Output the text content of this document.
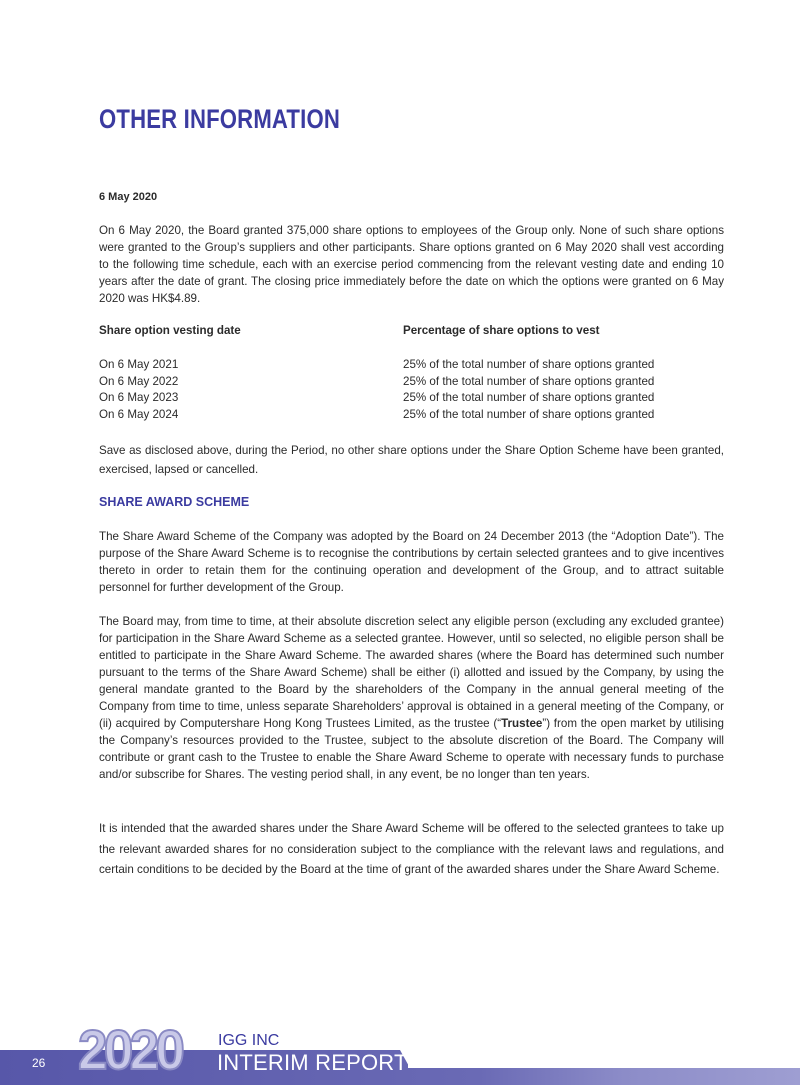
OTHER INFORMATION
6 May 2020

On 6 May 2020, the Board granted 375,000 share options to employees of the Group only. None of such share options were granted to the Group’s suppliers and other participants. Share options granted on 6 May 2020 shall vest according to the following time schedule, each with an exercise period commencing from the relevant vesting date and ending 10 years after the date of grant. The closing price immediately before the date on which the options were granted on 6 May 2020 was HK$4.89.

Share option vesting date	Percentage of share options to vest
On 6 May 2021	25% of the total number of share options granted
On 6 May 2022	25% of the total number of share options granted
On 6 May 2023	25% of the total number of share options granted
On 6 May 2024	25% of the total number of share options granted

Save as disclosed above, during the Period, no other share options under the Share Option Scheme have been granted, exercised, lapsed or cancelled.

SHARE AWARD SCHEME

The Share Award Scheme of the Company was adopted by the Board on 24 December 2013 (the “Adoption Date”). The purpose of the Share Award Scheme is to recognise the contributions by certain selected grantees and to give incentives thereto in order to retain them for the continuing operation and development of the Group, and to attract suitable personnel for further development of the Group.

The Board may, from time to time, at their absolute discretion select any eligible person (excluding any excluded grantee) for participation in the Share Award Scheme as a selected grantee. However, until so selected, no eligible person shall be entitled to participate in the Share Award Scheme. The awarded shares (where the Board has determined such number pursuant to the terms of the Share Award Scheme) shall be either (i) allotted and issued by the Company, by using the general mandate granted to the Board by the shareholders of the Company in the annual general meeting of the Company from time to time, unless separate Shareholders’ approval is obtained in a general meeting of the Company, or (ii) acquired by Computershare Hong Kong Trustees Limited, as the trustee (“Trustee”) from the open market by utilising the Company’s resources provided to the Trustee, subject to the absolute discretion of the Board. The Company will contribute or grant cash to the Trustee to enable the Share Award Scheme to operate with necessary funds to purchase and/or subscribe for Shares. The vesting period shall, in any event, be no longer than ten years.

It is intended that the awarded shares under the Share Award Scheme will be offered to the selected grantees to take up the relevant awarded shares for no consideration subject to the compliance with the relevant laws and regulations, and certain conditions to be decided by the Board at the time of grant of the awarded shares under the Share Award Scheme.

26 2020 IGG INC
INTERIM REPORT
